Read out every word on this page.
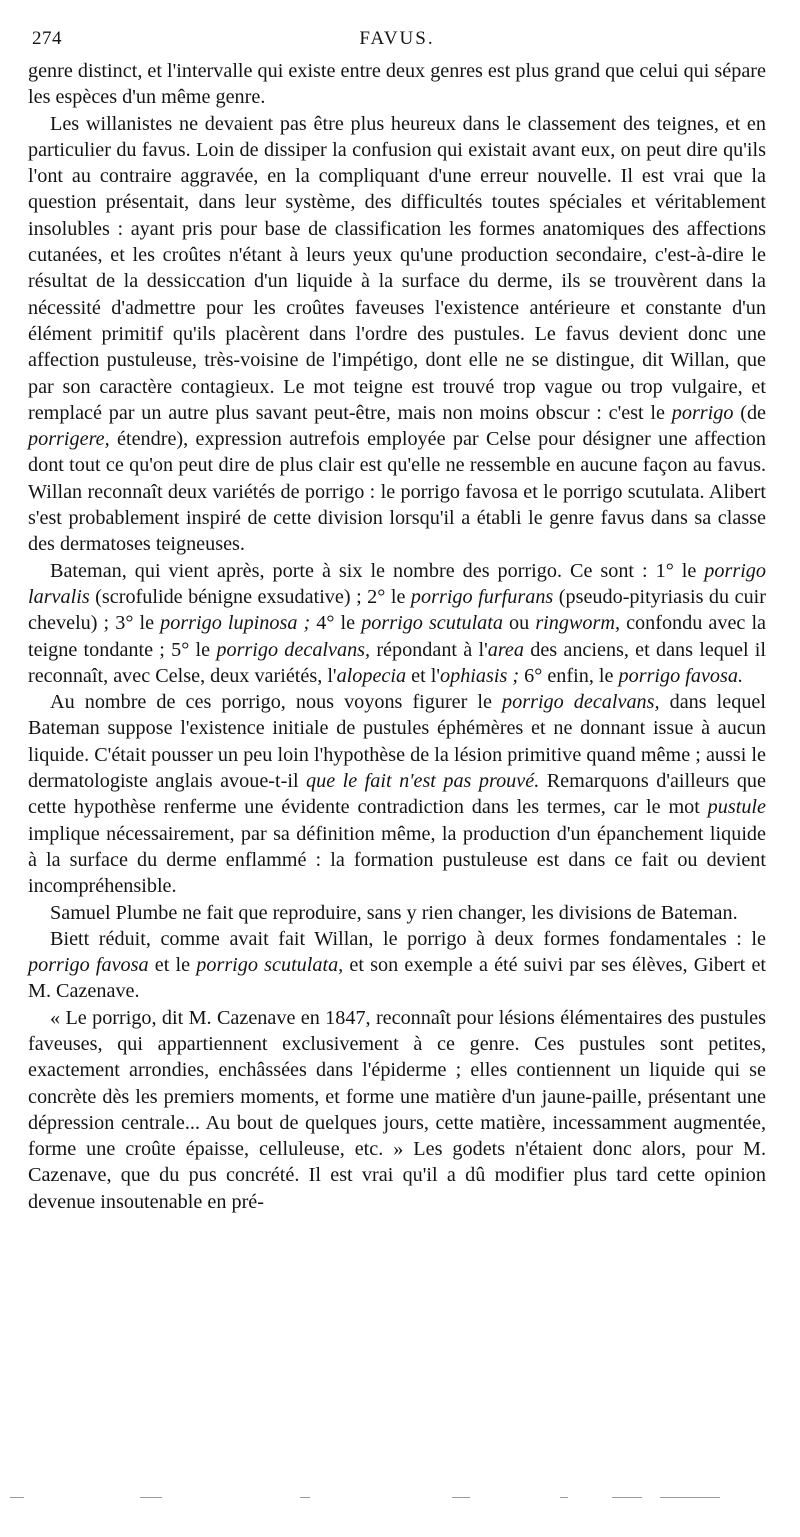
274	FAVUS.

genre distinct, et l'intervalle qui existe entre deux genres est plus grand que celui qui sépare les espèces d'un même genre.

Les willanistes ne devaient pas être plus heureux dans le classement des teignes, et en particulier du favus. Loin de dissiper la confusion qui existait avant eux, on peut dire qu'ils l'ont au contraire aggravée, en la compliquant d'une erreur nouvelle. Il est vrai que la question présentait, dans leur système, des difficultés toutes spéciales et véritablement insolubles : ayant pris pour base de classification les formes anatomiques des affections cutanées, et les croûtes n'étant à leurs yeux qu'une production secondaire, c'est-à-dire le résultat de la dessiccation d'un liquide à la surface du derme, ils se trouvèrent dans la nécessité d'admettre pour les croûtes faveuses l'existence antérieure et constante d'un élément primitif qu'ils placèrent dans l'ordre des pustules. Le favus devient donc une affection pustuleuse, très-voisine de l'impétigo, dont elle ne se distingue, dit Willan, que par son caractère contagieux. Le mot teigne est trouvé trop vague ou trop vulgaire, et remplacé par un autre plus savant peut-être, mais non moins obscur : c'est le porrigo (de porrigere, étendre), expression autrefois employée par Celse pour désigner une affection dont tout ce qu'on peut dire de plus clair est qu'elle ne ressemble en aucune façon au favus. Willan reconnaît deux variétés de porrigo : le porrigo favosa et le porrigo scutulata. Alibert s'est probablement inspiré de cette division lorsqu'il a établi le genre favus dans sa classe des dermatoses teigneuses.

Bateman, qui vient après, porte à six le nombre des porrigo. Ce sont : 1° le porrigo larvalis (scrofulide bénigne exsudative) ; 2° le porrigo furfurans (pseudo-pityriasis du cuir chevelu) ; 3° le porrigo lupinosa ; 4° le porrigo scutulata ou ringworm, confondu avec la teigne tondante ; 5° le porrigo decalvans, répondant à l'area des anciens, et dans lequel il reconnaît, avec Celse, deux variétés, l'alopecia et l'ophiasis ; 6° enfin, le porrigo favosa.

Au nombre de ces porrigo, nous voyons figurer le porrigo decalvans, dans lequel Bateman suppose l'existence initiale de pustules éphémères et ne donnant issue à aucun liquide. C'était pousser un peu loin l'hypothèse de la lésion primitive quand même ; aussi le dermatologiste anglais avoue-t-il que le fait n'est pas prouvé. Remarquons d'ailleurs que cette hypothèse renferme une évidente contradiction dans les termes, car le mot pustule implique nécessairement, par sa définition même, la production d'un épanchement liquide à la surface du derme enflammé : la formation pustuleuse est dans ce fait ou devient incompréhensible.

Samuel Plumbe ne fait que reproduire, sans y rien changer, les divisions de Bateman.

Biett réduit, comme avait fait Willan, le porrigo à deux formes fondamentales : le porrigo favosa et le porrigo scutulata, et son exemple a été suivi par ses élèves, Gibert et M. Cazenave.

« Le porrigo, dit M. Cazenave en 1847, reconnaît pour lésions élémentaires des pustules faveuses, qui appartiennent exclusivement à ce genre. Ces pustules sont petites, exactement arrondies, enchâssées dans l'épiderme ; elles contiennent un liquide qui se concrète dès les premiers moments, et forme une matière d'un jaune-paille, présentant une dépression centrale... Au bout de quelques jours, cette matière, incessamment augmentée, forme une croûte épaisse, celluleuse, etc. » Les godets n'étaient donc alors, pour M. Cazenave, que du pus concrété. Il est vrai qu'il a dû modifier plus tard cette opinion devenue insoutenable en pré-
